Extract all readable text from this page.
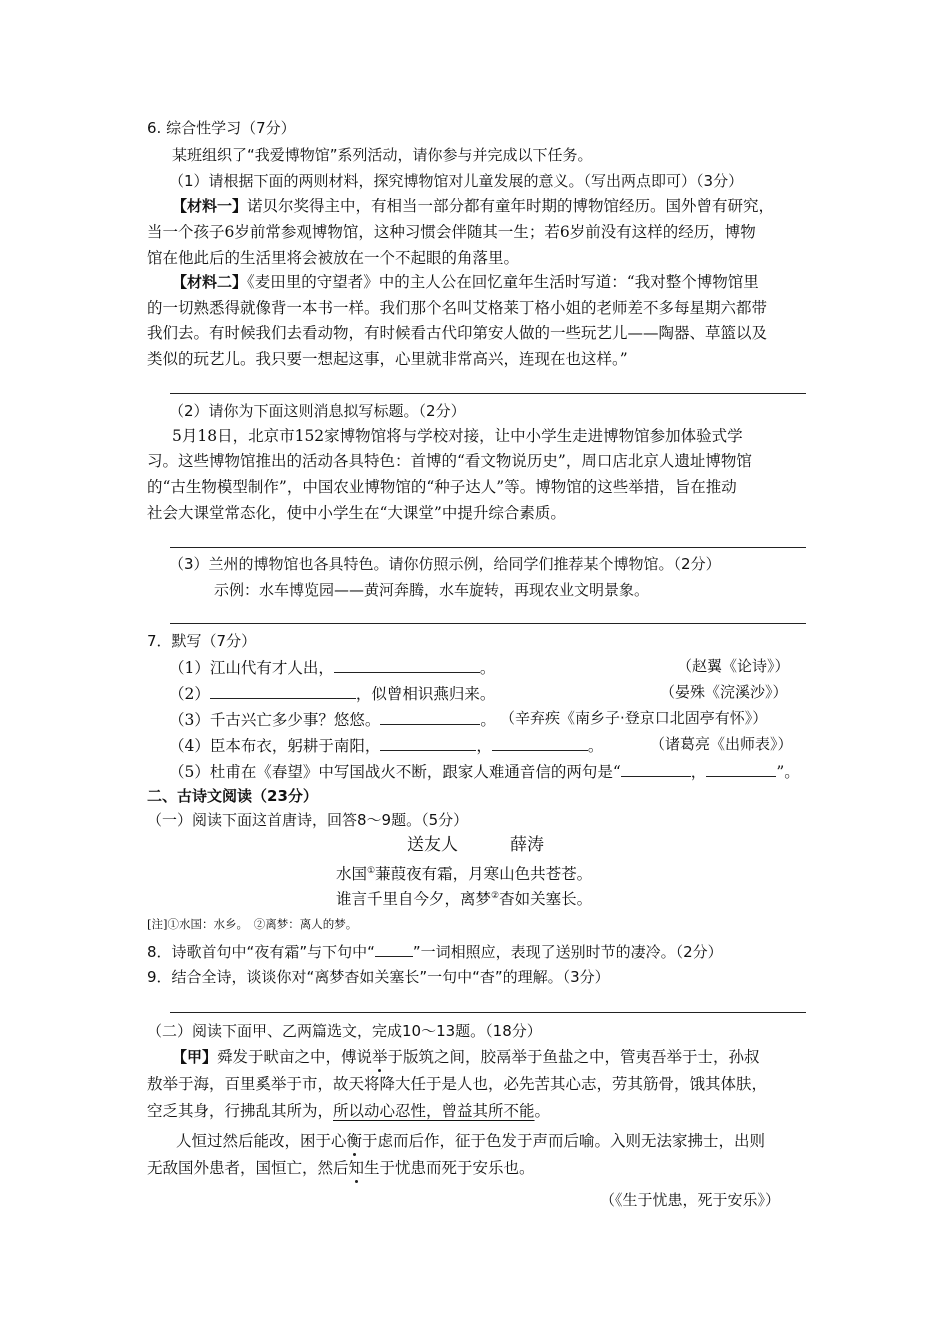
6. 综合性学习（7分）
某班组织了“我爱博物馆”系列活动，请你参与并完成以下任务。
（1）请根据下面的两则材料，探究博物馆对儿童发展的意义。（写出两点即可）（3分）
【材料一】诺贝尔奖得主中，有相当一部分都有童年时期的博物馆经历。国外曾有研究，
当一个孩子6岁前常参观博物馆，这种习惯会伴随其一生；若6岁前没有这样的经历，博物
馆在他此后的生活里将会被放在一个不起眼的角落里。
【材料二】《麦田里的守望者》中的主人公在回忆童年生活时写道：“我对整个博物馆里
的一切熟悉得就像背一本书一样。我们那个名叫艾格莱丁格小姐的老师差不多每星期六都带
我们去。有时候我们去看动物，有时候看古代印第安人做的一些玩艺儿——陶器、草篮以及
类似的玩艺儿。我只要一想起这事，心里就非常高兴，连现在也这样。”
（2）请你为下面这则消息拟写标题。（2分）
5月18日，北京市152家博物馆将与学校对接，让中小学生走进博物馆参加体验式学
习。这些博物馆推出的活动各具特色：首博的“看文物说历史”，周口店北京人遗址博物馆
的“古生物模型制作”，中国农业博物馆的“种子达人”等。博物馆的这些举措，旨在推动
社会大课堂常态化，使中小学生在“大课堂”中提升综合素质。
（3）兰州的博物馆也各具特色。请你仿照示例，给同学们推荐某个博物馆。（2分）
示例：水车博览园——黄河奔腾，水车旋转，再现农业文明景象。
7．默写（7分）
（1）江山代有才人出，	。	（赵翼《论诗》）
（2）	，似曾相识燕归来。	（晏殊《浣溪沙》）
（3）千古兴亡多少事？悠悠。	。 （辛弃疾《南乡子·登京口北固亭有怀》）
（4）臣本布衣，躬耕于南阳，	，	。	（诸葛亮《出师表》）
（5）杜甫在《春望》中写国战火不断，跟家人难通音信的两句是“	，	”。
二、古诗文阅读（23分）
（一）阅读下面这首唐诗，回答8～9题。（5分）
送友人	薛涛
水国①蒹葭夜有霜，月寒山色共苍苍。
谁言千里自今夕，离梦②杳如关塞长。
[注]①水国：水乡。　②离梦：离人的梦。
8．诗歌首句中“夜有霜”与下句中“	”一词相照应，表现了送别时节的凄冷。（2分）
9．结合全诗，谈谈你对“离梦杳如关塞长”一句中“杳”的理解。（3分）
（二）阅读下面甲、乙两篇选文，完成10～13题。（18分）
【甲】舜发于畎亩之中，傅说举于版筑之间，胶鬲举于鱼盐之中，管夷吾举于士，孙叔
敖举于海，百里奚举于市，故天将降大任于是人也，必先苦其心志，劳其筋骨，饿其体肤，
空乏其身，行拂乱其所为，所以动心忍性，曾益其所不能。
人恒过然后能改，困于心衡于虑而后作，征于色发于声而后喻。入则无法家拂士，出则
无敌国外患者，国恒亡，然后知生于忧患而死于安乐也。
（《生于忧患，死于安乐》）
